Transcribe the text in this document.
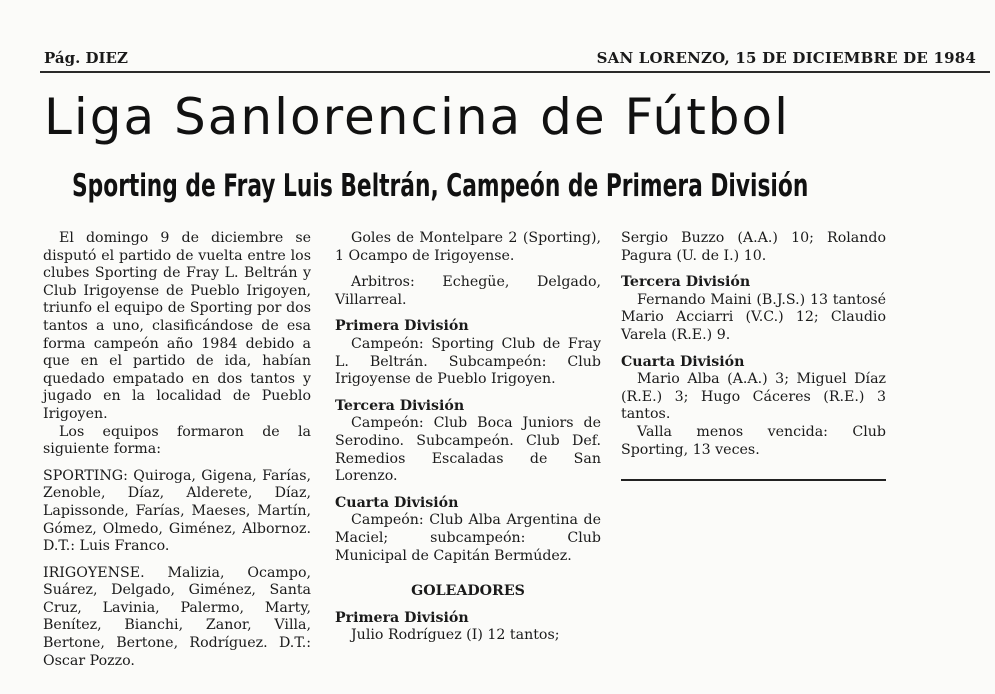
Pág. DIEZ	SAN LORENZO, 15 DE DICIEMBRE DE 1984
Liga Sanlorencina de Fútbol
Sporting de Fray Luis Beltrán, Campeón de Primera División

El domingo 9 de diciembre se disputó el partido de vuelta entre los clubes Sporting de Fray L. Beltrán y Club Irigoyense de Pueblo Irigoyen, triunfo el equipo de Sporting por dos tantos a uno, clasificándose de esa forma campeón año 1984 debido a que en el partido de ida, habían quedado empatado en dos tantos y jugado en la localidad de Pueblo Irigoyen.

Los equipos formaron de la siguiente forma:

SPORTING: Quiroga, Gigena, Farías, Zenoble, Díaz, Alderete, Díaz, Lapissonde, Farías, Maeses, Martín, Gómez, Olmedo, Giménez, Albornoz. D.T.: Luis Franco.

IRIGOYENSE. Malizia, Ocampo, Suárez, Delgado, Giménez, Santa Cruz, Lavinia, Palermo, Marty, Benítez, Bianchi, Zanor, Villa, Bertone, Bertone, Rodríguez. D.T.: Oscar Pozzo.

Goles de Montelpare 2 (Sporting), 1 Ocampo de Irigoyense.

Arbitros: Echegüe, Delgado, Villarreal.

Primera División

Campeón: Sporting Club de Fray L. Beltrán. Subcampeón: Club Irigoyense de Pueblo Irigoyen.

Tercera División

Campeón: Club Boca Juniors de Serodino. Subcampeón. Club Def. Remedios Escaladas de San Lorenzo.

Cuarta División

Campeón: Club Alba Argentina de Maciel; subcampeón: Club Municipal de Capitán Bermúdez.

GOLEADORES

Primera División

Julio Rodríguez (I) 12 tantos;

Sergio Buzzo (A.A.) 10; Rolando Pagura (U. de I.) 10.

Tercera División

Fernando Maini (B.J.S.) 13 tantosé Mario Acciarri (V.C.) 12; Claudio Varela (R.E.) 9.

Cuarta División

Mario Alba (A.A.) 3; Miguel Díaz (R.E.) 3; Hugo Cáceres (R.E.) 3 tantos.

Valla menos vencida: Club Sporting, 13 veces.
